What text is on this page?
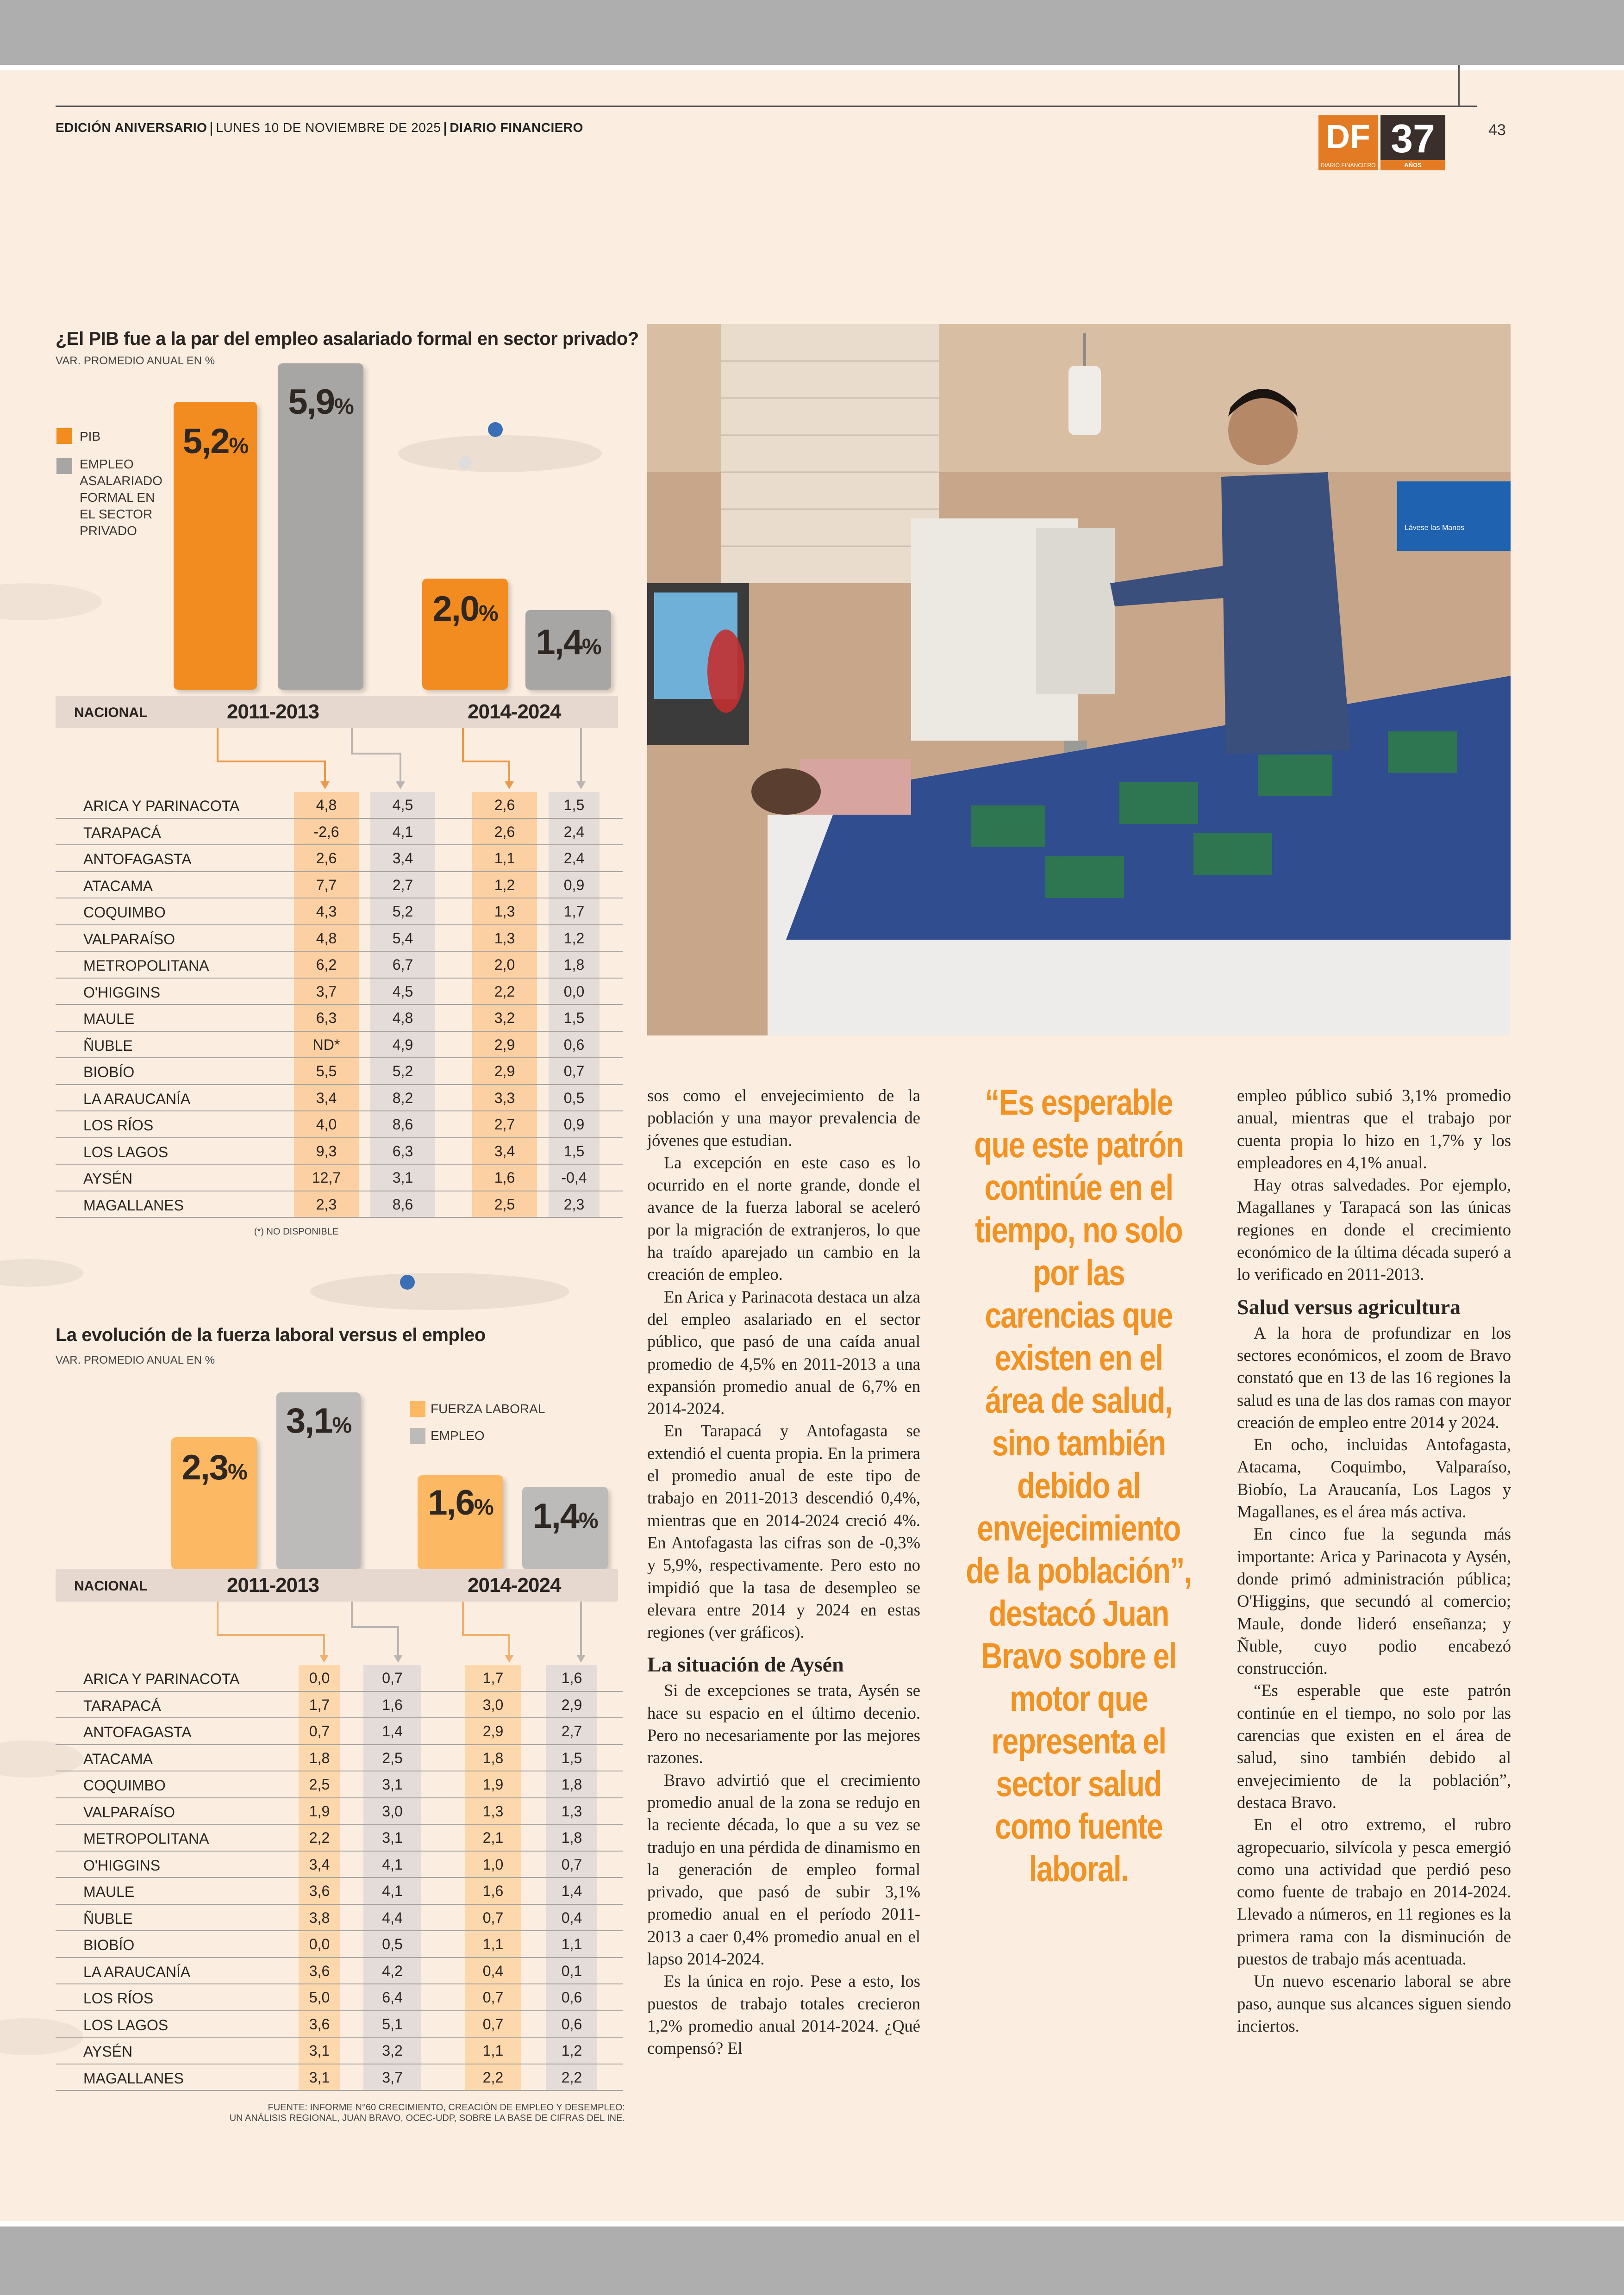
EDICIÓN ANIVERSARIO LUNES 10 DE NOVIEMBRE DE 2025 DIARIO FINANCIERO	DF
DIARIO FINANCIERO
37
AÑOS
43
¿El PIB fue a la par del empleo asalariado formal en sector privado?
VAR. PROMEDIO ANUAL EN %
PIB
EMPLEO ASALARIADO FORMAL EN EL SECTOR PRIVADO
5,2%
5,9%
2,0%
1,4%
NACIONAL	2011-2013	2014-2024
ARICA Y PARINACOTA	4,8	4,5	2,6	1,5
TARAPACÁ	-2,6	4,1	2,6	2,4
ANTOFAGASTA	2,6	3,4	1,1	2,4
ATACAMA	7,7	2,7	1,2	0,9
COQUIMBO	4,3	5,2	1,3	1,7
VALPARAÍSO	4,8	5,4	1,3	1,2
METROPOLITANA	6,2	6,7	2,0	1,8
O'HIGGINS	3,7	4,5	2,2	0,0
MAULE	6,3	4,8	3,2	1,5
ÑUBLE	ND*	4,9	2,9	0,6
BIOBÍO	5,5	5,2	2,9	0,7
LA ARAUCANÍA	3,4	8,2	3,3	0,5
LOS RÍOS	4,0	8,6	2,7	0,9
LOS LAGOS	9,3	6,3	3,4	1,5
AYSÉN	12,7	3,1	1,6	-0,4
MAGALLANES	2,3	8,6	2,5	2,3
(*) NO DISPONIBLE
La evolución de la fuerza laboral versus el empleo
VAR. PROMEDIO ANUAL EN %
FUERZA LABORAL
EMPLEO
2,3%
3,1%
1,6% 1,4%
NACIONAL	2011-2013	2014-2024
ARICA Y PARINACOTA	0,0	0,7	1,7	1,6
TARAPACÁ	1,7	1,6	3,0	2,9
ANTOFAGASTA	0,7	1,4	2,9	2,7
ATACAMA	1,8	2,5	1,8	1,5
COQUIMBO	2,5	3,1	1,9	1,8
VALPARAÍSO	1,9	3,0	1,3	1,3
METROPOLITANA	2,2	3,1	2,1	1,8
O'HIGGINS	3,4	4,1	1,0	0,7
MAULE	3,6	4,1	1,6	1,4
ÑUBLE	3,8	4,4	0,7	0,4
BIOBÍO	0,0	0,5	1,1	1,1
LA ARAUCANÍA	3,6	4,2	0,4	0,1
LOS RÍOS	5,0	6,4	0,7	0,6
LOS LAGOS	3,6	5,1	0,7	0,6
AYSÉN	3,1	3,2	1,1	1,2
MAGALLANES	3,1	3,7	2,2	2,2
FUENTE: INFORME N°60 CRECIMIENTO, CREACIÓN DE EMPLEO Y DESEMPLEO:
UN ANÁLISIS REGIONAL, JUAN BRAVO, OCEC-UDP, SOBRE LA BASE DE CIFRAS DEL INE.
Lávese las Manos

sos como el envejecimiento de la población y una mayor prevalencia de jóvenes que estudian.

La excepción en este caso es lo ocurrido en el norte grande, donde el avance de la fuerza laboral se aceleró por la migración de extranjeros, lo que ha traído aparejado un cambio en la creación de empleo.

En Arica y Parinacota destaca un alza del empleo asalariado en el sector público, que pasó de una caída anual promedio de 4,5% en 2011-2013 a una expansión promedio anual de 6,7% en 2014-2024.

En Tarapacá y Antofagasta se extendió el cuenta propia. En la primera el promedio anual de este tipo de trabajo en 2011-2013 descendió 0,4%, mientras que en 2014-2024 creció 4%. En Antofagasta las cifras son de -0,3% y 5,9%, respectivamente. Pero esto no impidió que la tasa de desempleo se elevara entre 2014 y 2024 en estas regiones (ver gráficos).

La situación de Aysén

Si de excepciones se trata, Aysén se hace su espacio en el último decenio. Pero no necesariamente por las mejores razones.

Bravo advirtió que el crecimiento promedio anual de la zona se redujo en la reciente década, lo que a su vez se tradujo en una pérdida de dinamismo en la generación de empleo formal privado, que pasó de subir 3,1% promedio anual en el período 2011-2013 a caer 0,4% promedio anual en el lapso 2014-2024.

Es la única en rojo. Pese a esto, los puestos de trabajo totales crecieron 1,2% promedio anual 2014-2024. ¿Qué compensó? El

“Es esperable que este patrón continúe en el tiempo, no solo por las carencias que existen en el área de salud, sino también debido al envejecimiento de la población”, destacó Juan Bravo sobre el motor que representa el sector salud como fuente laboral.

empleo público subió 3,1% promedio anual, mientras que el trabajo por cuenta propia lo hizo en 1,7% y los empleadores en 4,1% anual.

Hay otras salvedades. Por ejemplo, Magallanes y Tarapacá son las únicas regiones en donde el crecimiento económico de la última década superó a lo verificado en 2011-2013.

Salud versus agricultura

A la hora de profundizar en los sectores económicos, el zoom de Bravo constató que en 13 de las 16 regiones la salud es una de las dos ramas con mayor creación de empleo entre 2014 y 2024.

En ocho, incluidas Antofagasta, Atacama, Coquimbo, Valparaíso, Biobío, La Araucanía, Los Lagos y Magallanes, es el área más activa.

En cinco fue la segunda más importante: Arica y Parinacota y Aysén, donde primó administración pública; O'Higgins, que secundó al comercio; Maule, donde lideró enseñanza; y Ñuble, cuyo podio encabezó construcción.

“Es esperable que este patrón continúe en el tiempo, no solo por las carencias que existen en el área de salud, sino también debido al envejecimiento de la población”, destaca Bravo.

En el otro extremo, el rubro agropecuario, silvícola y pesca emergió como una actividad que perdió peso como fuente de trabajo en 2014-2024. Llevado a números, en 11 regiones es la primera rama con la disminución de puestos de trabajo más acentuada.

Un nuevo escenario laboral se abre paso, aunque sus alcances siguen siendo inciertos.
